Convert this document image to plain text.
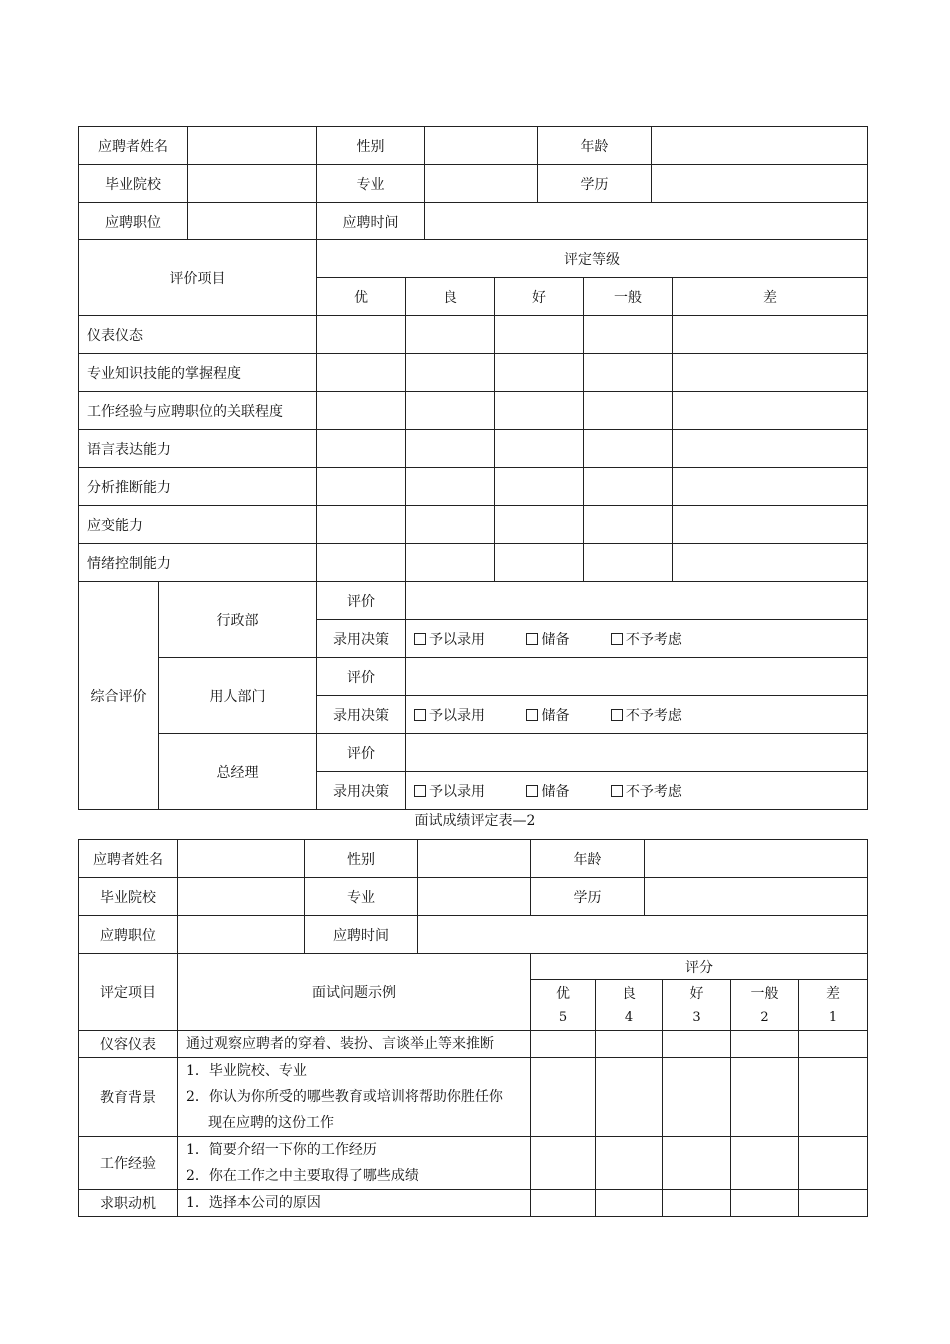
应聘者姓名		性别		年龄	
毕业院校		专业		学历	
应聘职位		应聘时间			
评价项目		评定等级				
		优	良	好	一般	差
仪表仪态						
专业知识技能的掌握程度						
工作经验与应聘职位的关联程度						
语言表达能力						
分析推断能力						
应变能力						
情绪控制能力						
综合评价	行政部	评价				
		录用决策	予以录用 储备 不予考虑			
	用人部门	评价				
		录用决策	予以录用 储备 不予考虑			
	总经理	评价				
		录用决策	予以录用 储备 不予考虑			
面试成绩评定表—2
应聘者姓名		性别		年龄	
毕业院校		专业		学历	
应聘职位		应聘时间			
评定项目	面试问题示例	评分				
		优	良	好	一般	差
		5	4	3	2	1
仪容仪表	通过观察应聘者的穿着、装扮、言谈举止等来推断					

教育背景	1．毕业院校、专业
2．你认为你所受的哪些教育或培训将帮助你胜任你
现在应聘的这份工作					

工作经验	1．简要介绍一下你的工作经历
2．你在工作之中主要取得了哪些成绩					

求职动机	1．选择本公司的原因					
